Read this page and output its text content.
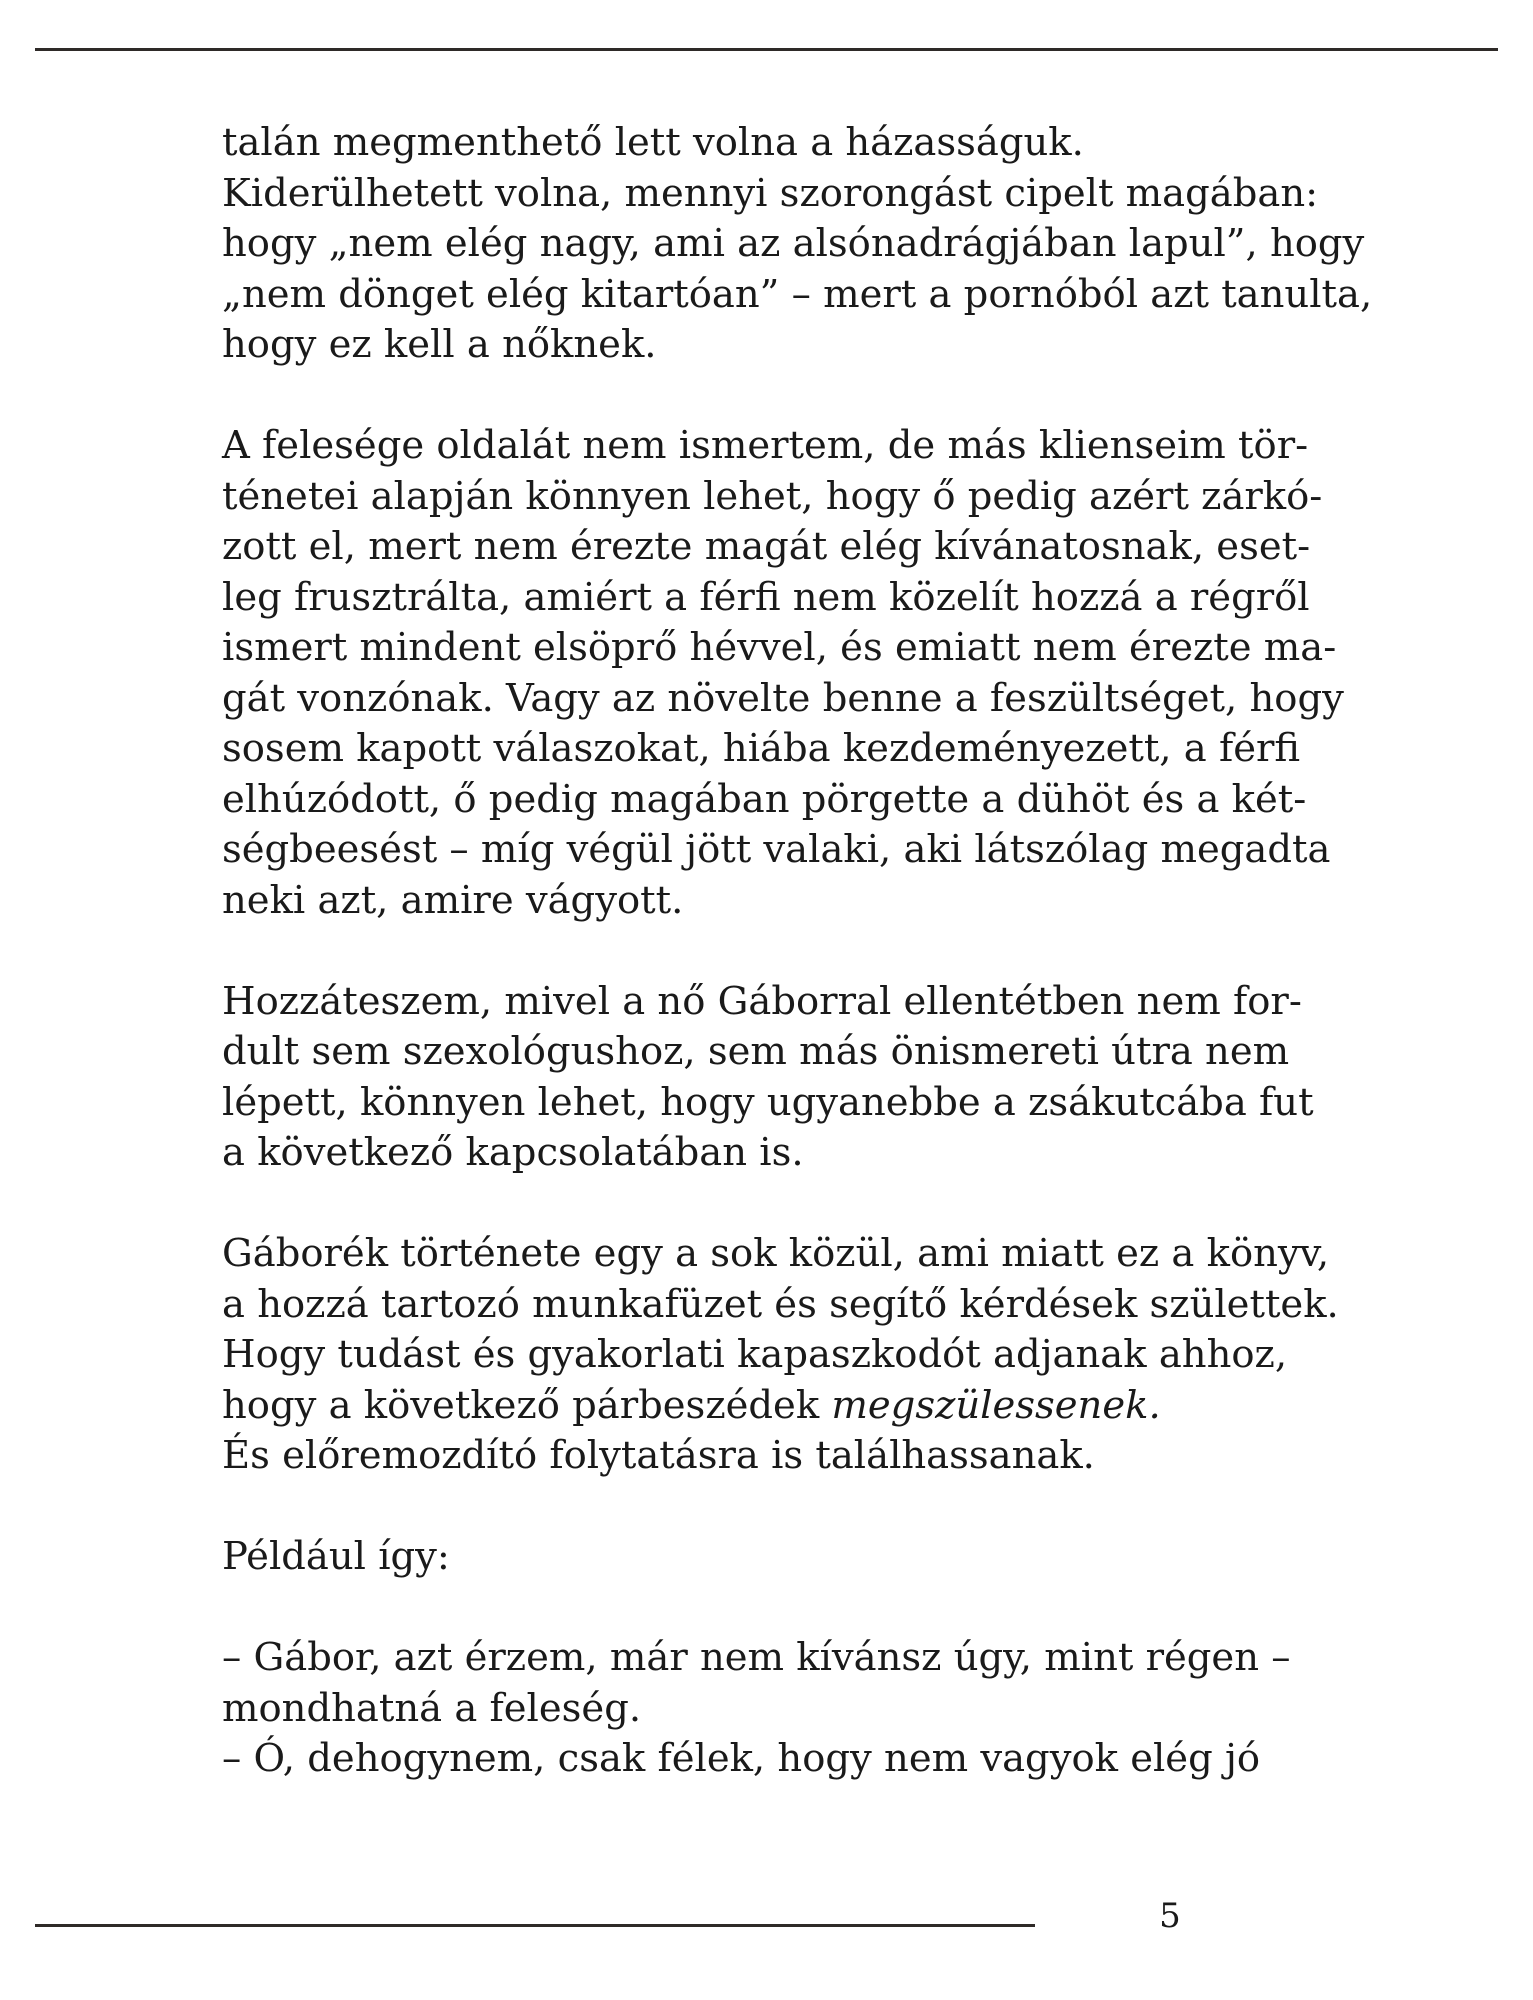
talán megmenthető lett volna a házasságuk.
Kiderülhetett volna, mennyi szorongást cipelt magában:
hogy „nem elég nagy, ami az alsónadrágjában lapul”, hogy
„nem dönget elég kitartóan” – mert a pornóból azt tanulta,
hogy ez kell a nőknek.

A felesége oldalát nem ismertem, de más klienseim tör-
ténetei alapján könnyen lehet, hogy ő pedig azért zárkó-
zott el, mert nem érezte magát elég kívánatosnak, eset-
leg frusztrálta, amiért a férfi nem közelít hozzá a régről
ismert mindent elsöprő hévvel, és emiatt nem érezte ma-
gát vonzónak. Vagy az növelte benne a feszültséget, hogy
sosem kapott válaszokat, hiába kezdeményezett, a férfi
elhúzódott, ő pedig magában pörgette a dühöt és a két-
ségbeesést – míg végül jött valaki, aki látszólag megadta
neki azt, amire vágyott.

Hozzáteszem, mivel a nő Gáborral ellentétben nem for-
dult sem szexológushoz, sem más önismereti útra nem
lépett, könnyen lehet, hogy ugyanebbe a zsákutcába fut
a következő kapcsolatában is.

Gáborék története egy a sok közül, ami miatt ez a könyv,
a hozzá tartozó munkafüzet és segítő kérdések születtek.
Hogy tudást és gyakorlati kapaszkodót adjanak ahhoz,
hogy a következő párbeszédek megszülessenek.
És előremozdító folytatásra is találhassanak.

Például így:

– Gábor, azt érzem, már nem kívánsz úgy, mint régen –
mondhatná a feleség.
– Ó, dehogynem, csak félek, hogy nem vagyok elég jó

5
